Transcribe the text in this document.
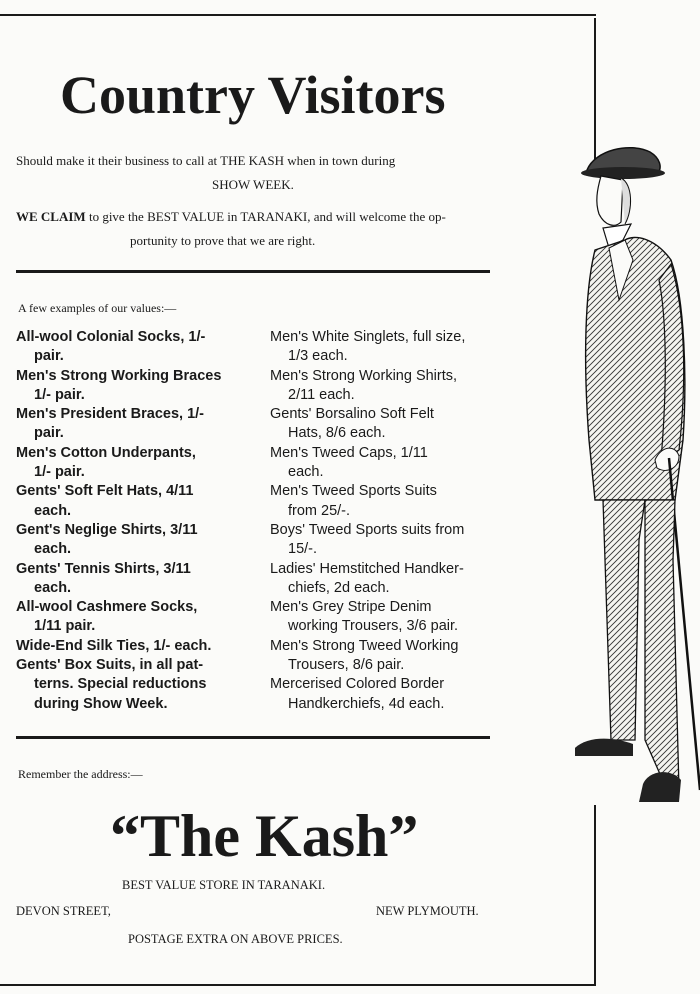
Country Visitors
Should make it their business to call at THE KASH when in town during
SHOW WEEK.
WE CLAIM to give the BEST VALUE in TARANAKI, and will welcome the op-
portunity to prove that we are right.
A few examples of our values:—
All-wool Colonial Socks, 1/-
pair.
Men's Strong Working Braces
1/- pair.
Men's President Braces, 1/-
pair.
Men's Cotton Underpants,
1/- pair.
Gents' Soft Felt Hats, 4/11
each.
Gent's Neglige Shirts, 3/11
each.
Gents' Tennis Shirts, 3/11
each.
All-wool Cashmere Socks,
1/11 pair.
Wide-End Silk Ties, 1/- each.
Gents' Box Suits, in all pat-
terns. Special reductions
during Show Week.
Men's White Singlets, full size,
1/3 each.
Men's Strong Working Shirts,
2/11 each.
Gents' Borsalino Soft Felt
Hats, 8/6 each.
Men's Tweed Caps, 1/11
each.
Men's Tweed Sports Suits
from 25/-.
Boys' Tweed Sports suits from
15/-.
Ladies' Hemstitched Handker-
chiefs, 2d each.
Men's Grey Stripe Denim
working Trousers, 3/6 pair.
Men's Strong Tweed Working
Trousers, 8/6 pair.
Mercerised Colored Border
Handkerchiefs, 4d each.
Remember the address:—
“The Kash”
BEST VALUE STORE IN TARANAKI.
DEVON STREET,	NEW PLYMOUTH.
POSTAGE EXTRA ON ABOVE PRICES.
